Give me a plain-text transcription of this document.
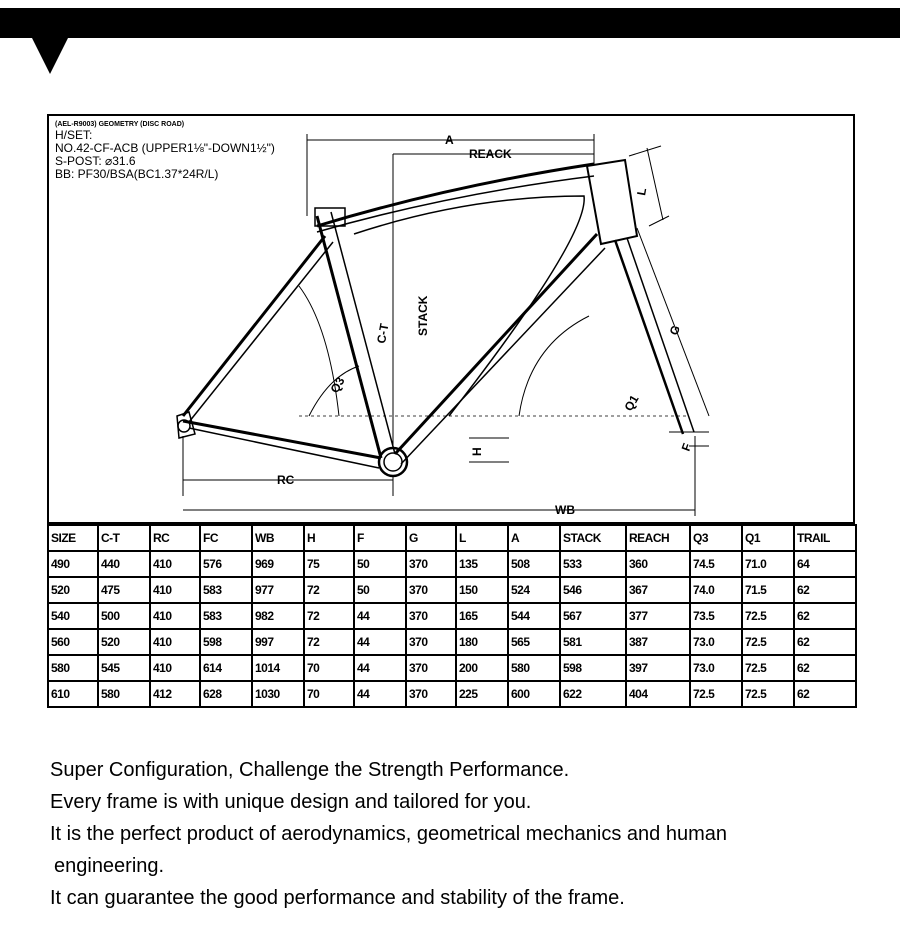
A
REACK
STACK
C-T
L
G
Q3
Q1
H	F
RC
WB
(AEL-R9003) GEOMETRY (DISC ROAD)
H/SET:
NO.42-CF-ACB (UPPER1⅛"-DOWN1½")
S-POST: ⌀31.6
BB: PF30/BSA(BC1.37*24R/L)
SIZE	C-T	RC	FC	WB	H	F	G	L	A	STACK	REACH	Q3	Q1	TRAIL
490	440	410	576	969	75	50	370	135	508	533	360	74.5	71.0	64
520	475	410	583	977	72	50	370	150	524	546	367	74.0	71.5	62
540	500	410	583	982	72	44	370	165	544	567	377	73.5	72.5	62
560	520	410	598	997	72	44	370	180	565	581	387	73.0	72.5	62
580	545	410	614	1014	70	44	370	200	580	598	397	73.0	72.5	62
610	580	412	628	1030	70	44	370	225	600	622	404	72.5	72.5	62
Super Configuration, Challenge the Strength Performance.
Every frame is with unique design and tailored for you.
It is the perfect product of aerodynamics, geometrical mechanics and human
engineering.
It can guarantee the good performance and stability of the frame.
